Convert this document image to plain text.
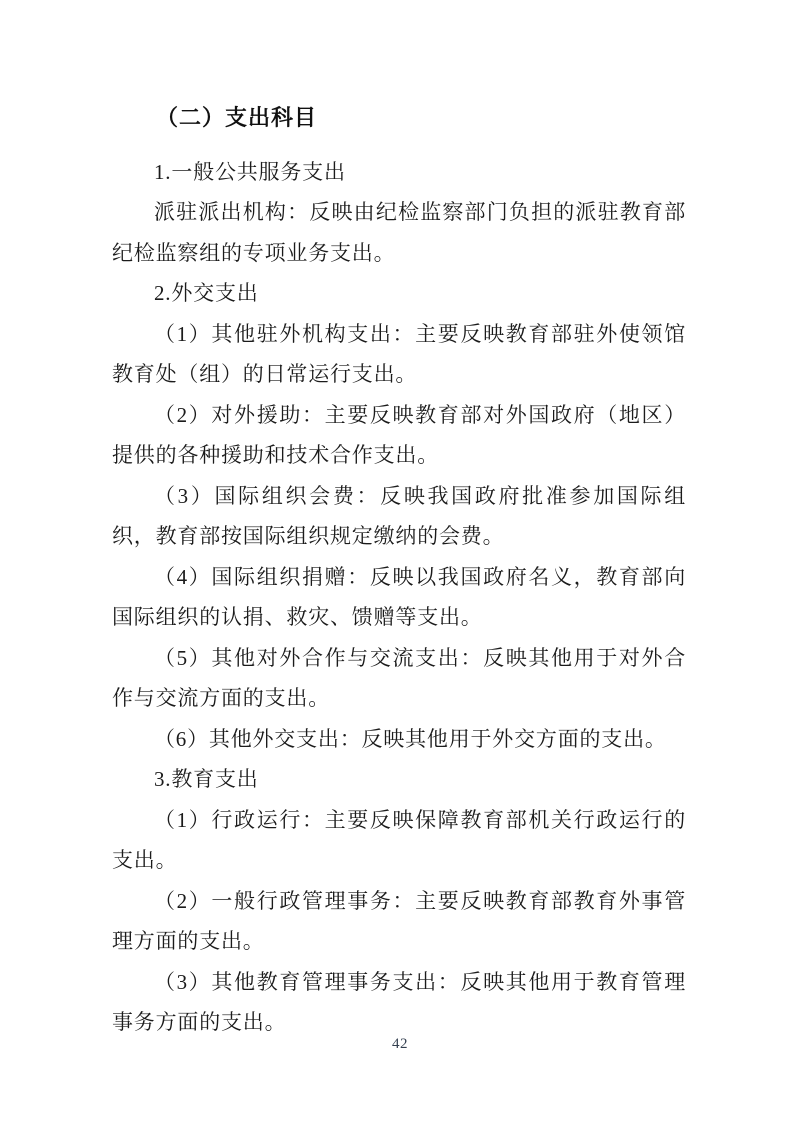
（二）支出科目

1.一般公共服务支出

派驻派出机构：反映由纪检监察部门负担的派驻教育部纪检监察组的专项业务支出。

2.外交支出

（1）其他驻外机构支出：主要反映教育部驻外使领馆教育处（组）的日常运行支出。

（2）对外援助：主要反映教育部对外国政府（地区）提供的各种援助和技术合作支出。

（3）国际组织会费：反映我国政府批准参加国际组织，教育部按国际组织规定缴纳的会费。

（4）国际组织捐赠：反映以我国政府名义，教育部向国际组织的认捐、救灾、馈赠等支出。

（5）其他对外合作与交流支出：反映其他用于对外合作与交流方面的支出。

（6）其他外交支出：反映其他用于外交方面的支出。

3.教育支出

（1）行政运行：主要反映保障教育部机关行政运行的支出。

（2）一般行政管理事务：主要反映教育部教育外事管理方面的支出。

（3）其他教育管理事务支出：反映其他用于教育管理事务方面的支出。

42
